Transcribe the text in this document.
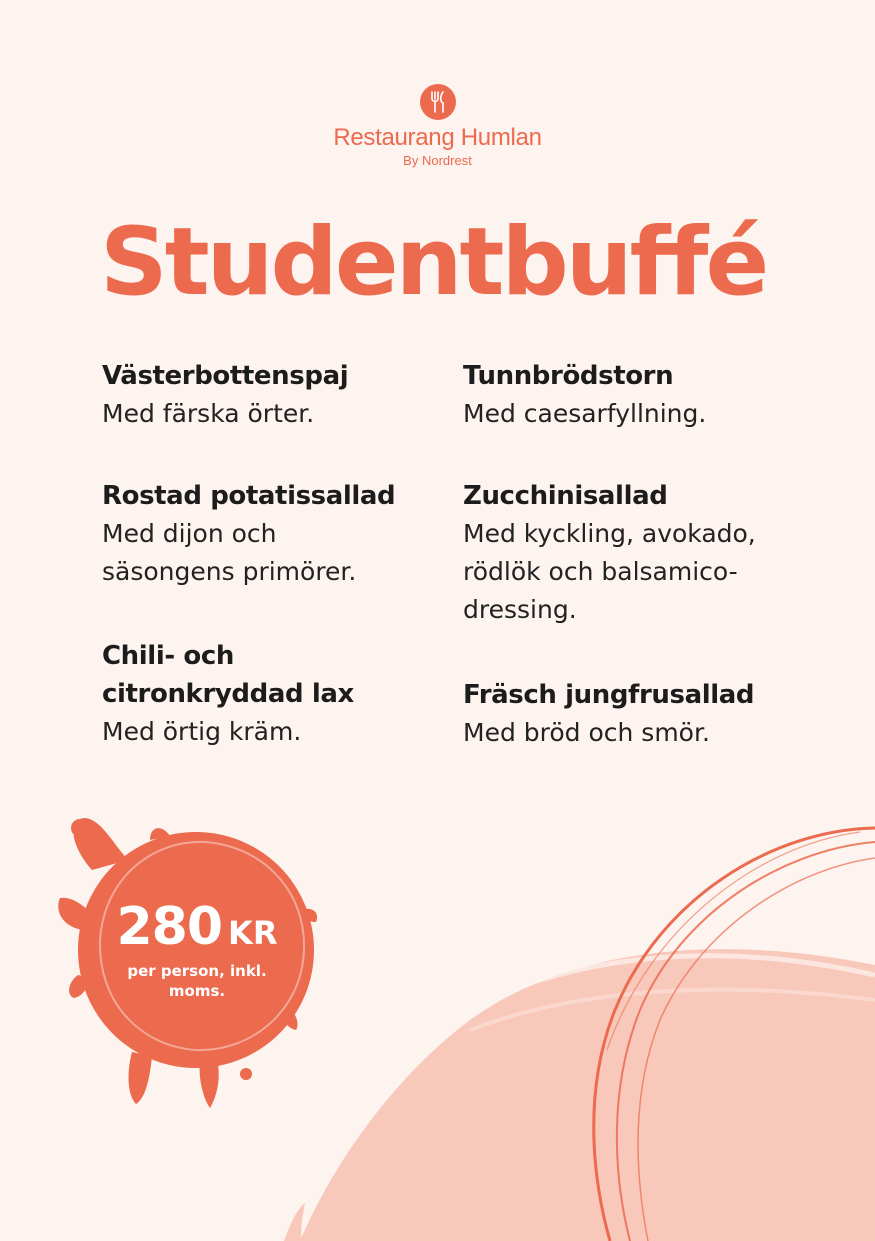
Restaurang Humlan
By Nordrest
Studentbuffé
Västerbottenspaj
Med färska örter.
Tunnbrödstorn
Med caesarfyllning.
Rostad potatissallad
Med dijon och
säsongens primörer.
Zucchinisallad
Med kyckling, avokado,
rödlök och balsamico-
dressing.
Chili- och
citronkryddad lax
Med örtig kräm.
Fräsch jungfrusallad
Med bröd och smör.
280 KR
per person, inkl.
moms.
